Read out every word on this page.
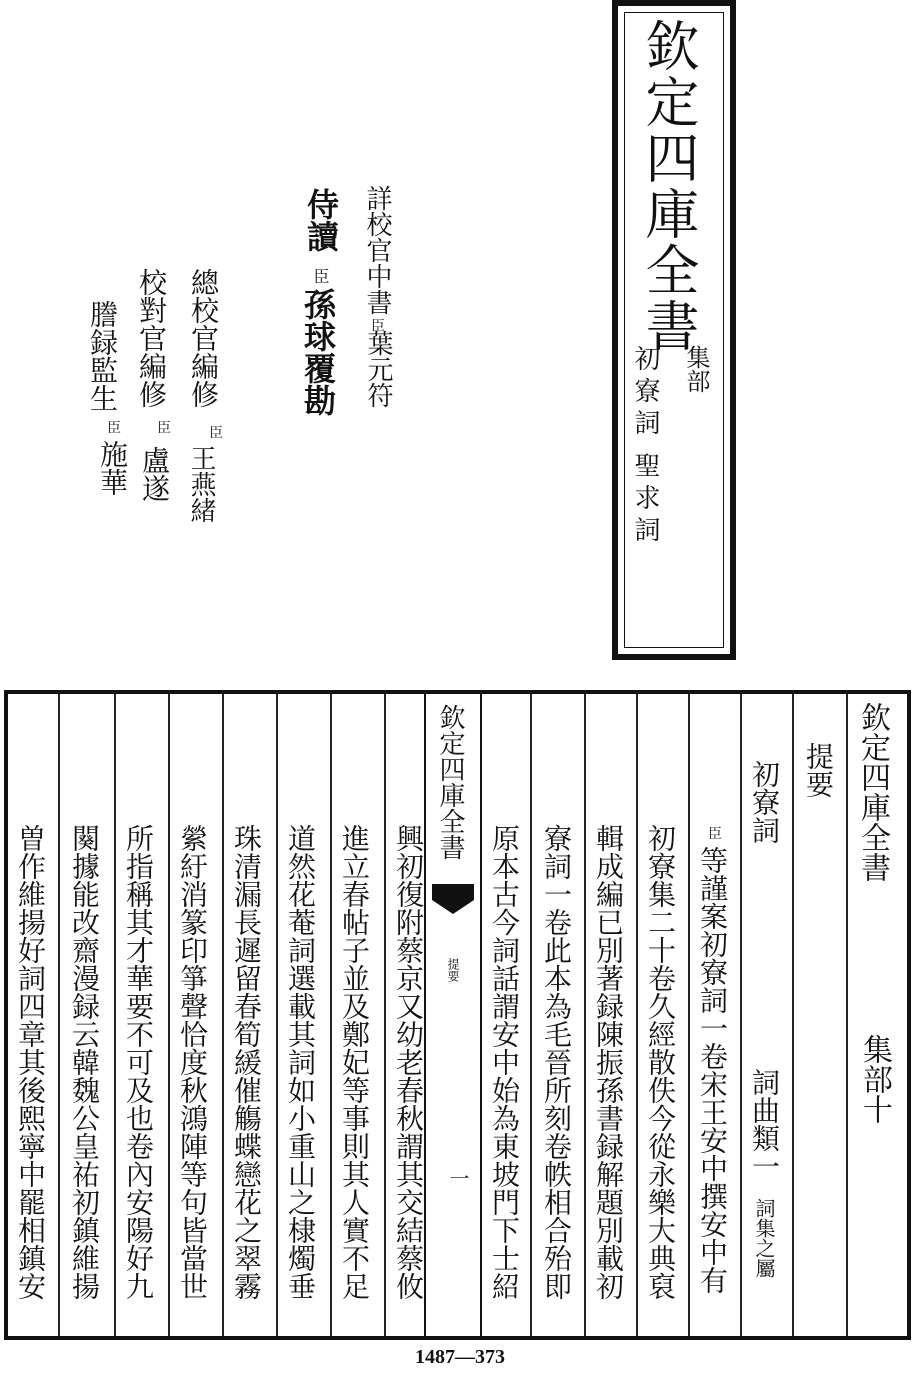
欽定四庫全書
集部
初寮詞
聖求詞
詳校官中書
臣
葉元符
侍讀
臣
孫球覆勘
總校官編修
臣
王燕緒
校對官編修
臣
盧遂
謄録監生
臣
施華
欽定四庫全書
提要
一
欽定四庫全書
集部十
提要
初寮詞
詞曲類一
詞集之屬
臣
等謹案初寮詞一卷宋王安中撰安中有
初寮集二十卷久經散佚今從永樂大典裒
輯成編已別著録陳振孫書録解題別載初
寮詞一卷此本為毛晉所刻卷帙相合殆即
原本古今詞話謂安中始為東坡門下士紹
興初復附蔡京又幼老春秋謂其交結蔡攸
進立春帖子並及鄭妃等事則其人實不足
道然花菴詞選載其詞如小重山之棣燭垂
珠清漏長遲留春筍緩催觴蝶戀花之翠霧
縈紆消篆印箏聲恰度秋鴻陣等句皆當世
所指稱其才華要不可及也卷內安陽好九
闋據能改齋漫録云韓魏公皇祐初鎮維揚
曽作維揚好詞四章其後熙寧中罷相鎮安
1487—373
